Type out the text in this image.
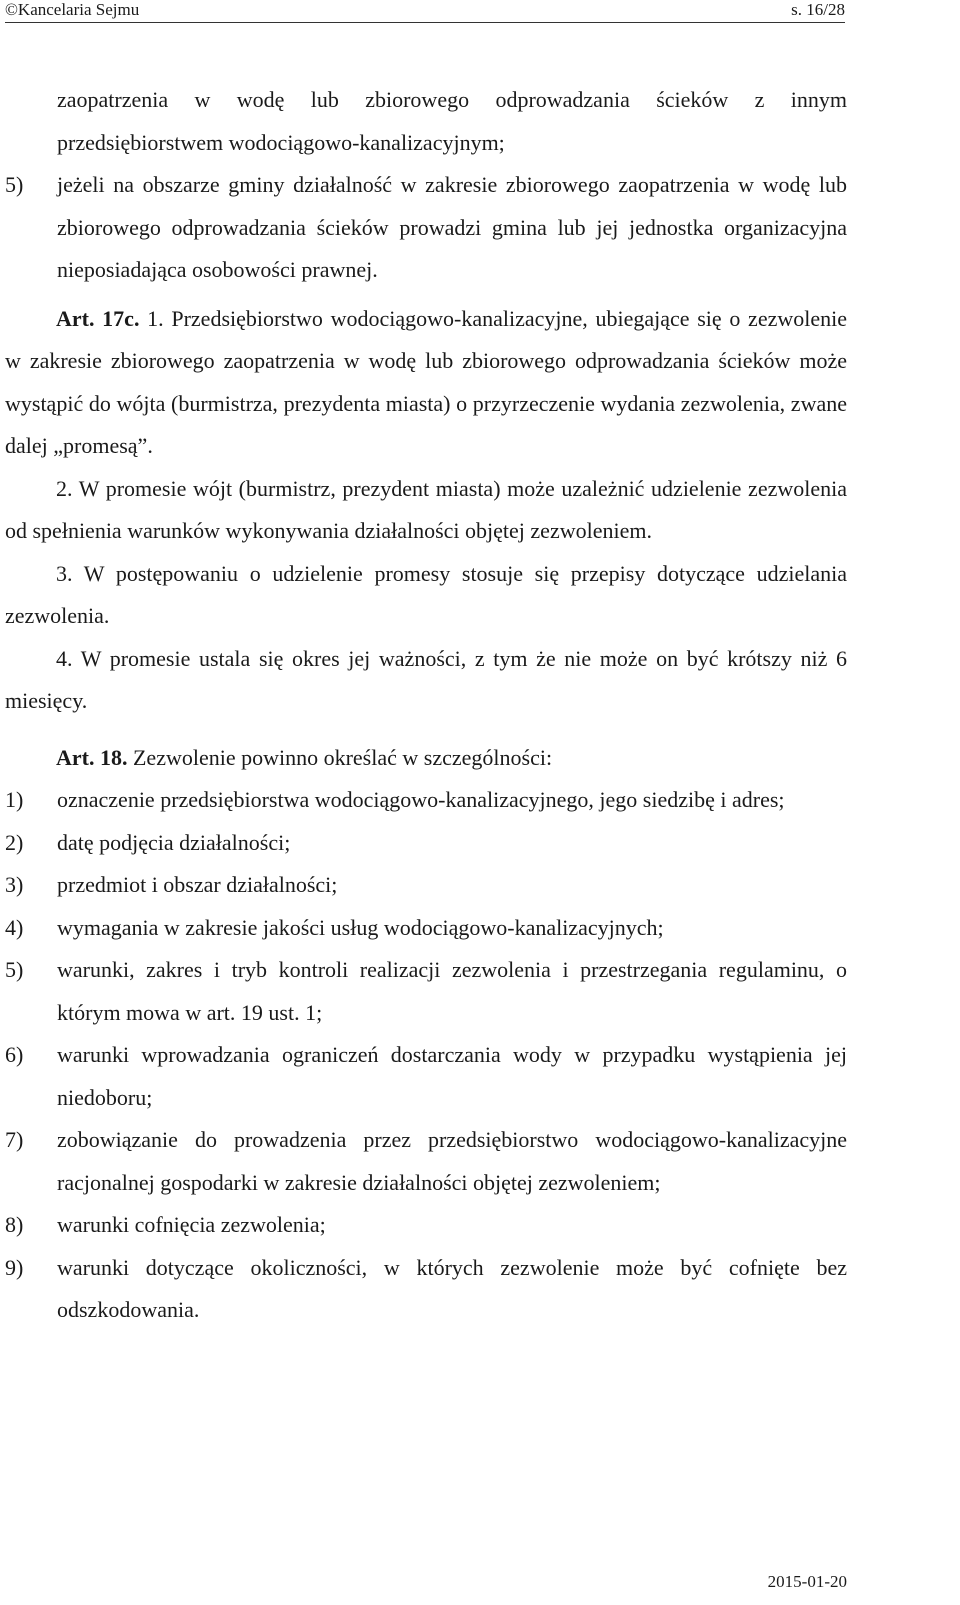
©Kancelaria Sejmu	s. 16/28
zaopatrzenia w wodę lub zbiorowego odprowadzania ścieków z innym przedsiębiorstwem wodociągowo-kanalizacyjnym;
5) jeżeli na obszarze gminy działalność w zakresie zbiorowego zaopatrzenia w wodę lub zbiorowego odprowadzania ścieków prowadzi gmina lub jej jednostka organizacyjna nieposiadająca osobowości prawnej.

Art. 17c. 1. Przedsiębiorstwo wodociągowo-kanalizacyjne, ubiegające się o zezwolenie w zakresie zbiorowego zaopatrzenia w wodę lub zbiorowego odprowadzania ścieków może wystąpić do wójta (burmistrza, prezydenta miasta) o przyrzeczenie wydania zezwolenia, zwane dalej „promesą”.

2. W promesie wójt (burmistrz, prezydent miasta) może uzależnić udzielenie zezwolenia od spełnienia warunków wykonywania działalności objętej zezwoleniem.

3. W postępowaniu o udzielenie promesy stosuje się przepisy dotyczące udzielania zezwolenia.

4. W promesie ustala się okres jej ważności, z tym że nie może on być krótszy niż 6 miesięcy.

Art. 18. Zezwolenie powinno określać w szczególności:

1) oznaczenie przedsiębiorstwa wodociągowo-kanalizacyjnego, jego siedzibę i adres;
2) datę podjęcia działalności;
3) przedmiot i obszar działalności;
4) wymagania w zakresie jakości usług wodociągowo-kanalizacyjnych;
5) warunki, zakres i tryb kontroli realizacji zezwolenia i przestrzegania regulaminu, o którym mowa w art. 19 ust. 1;
6) warunki wprowadzania ograniczeń dostarczania wody w przypadku wystąpienia jej niedoboru;
7) zobowiązanie do prowadzenia przez przedsiębiorstwo wodociągowo-kanalizacyjne racjonalnej gospodarki w zakresie działalności objętej zezwoleniem;
8) warunki cofnięcia zezwolenia;
9) warunki dotyczące okoliczności, w których zezwolenie może być cofnięte bez odszkodowania.
2015-01-20
